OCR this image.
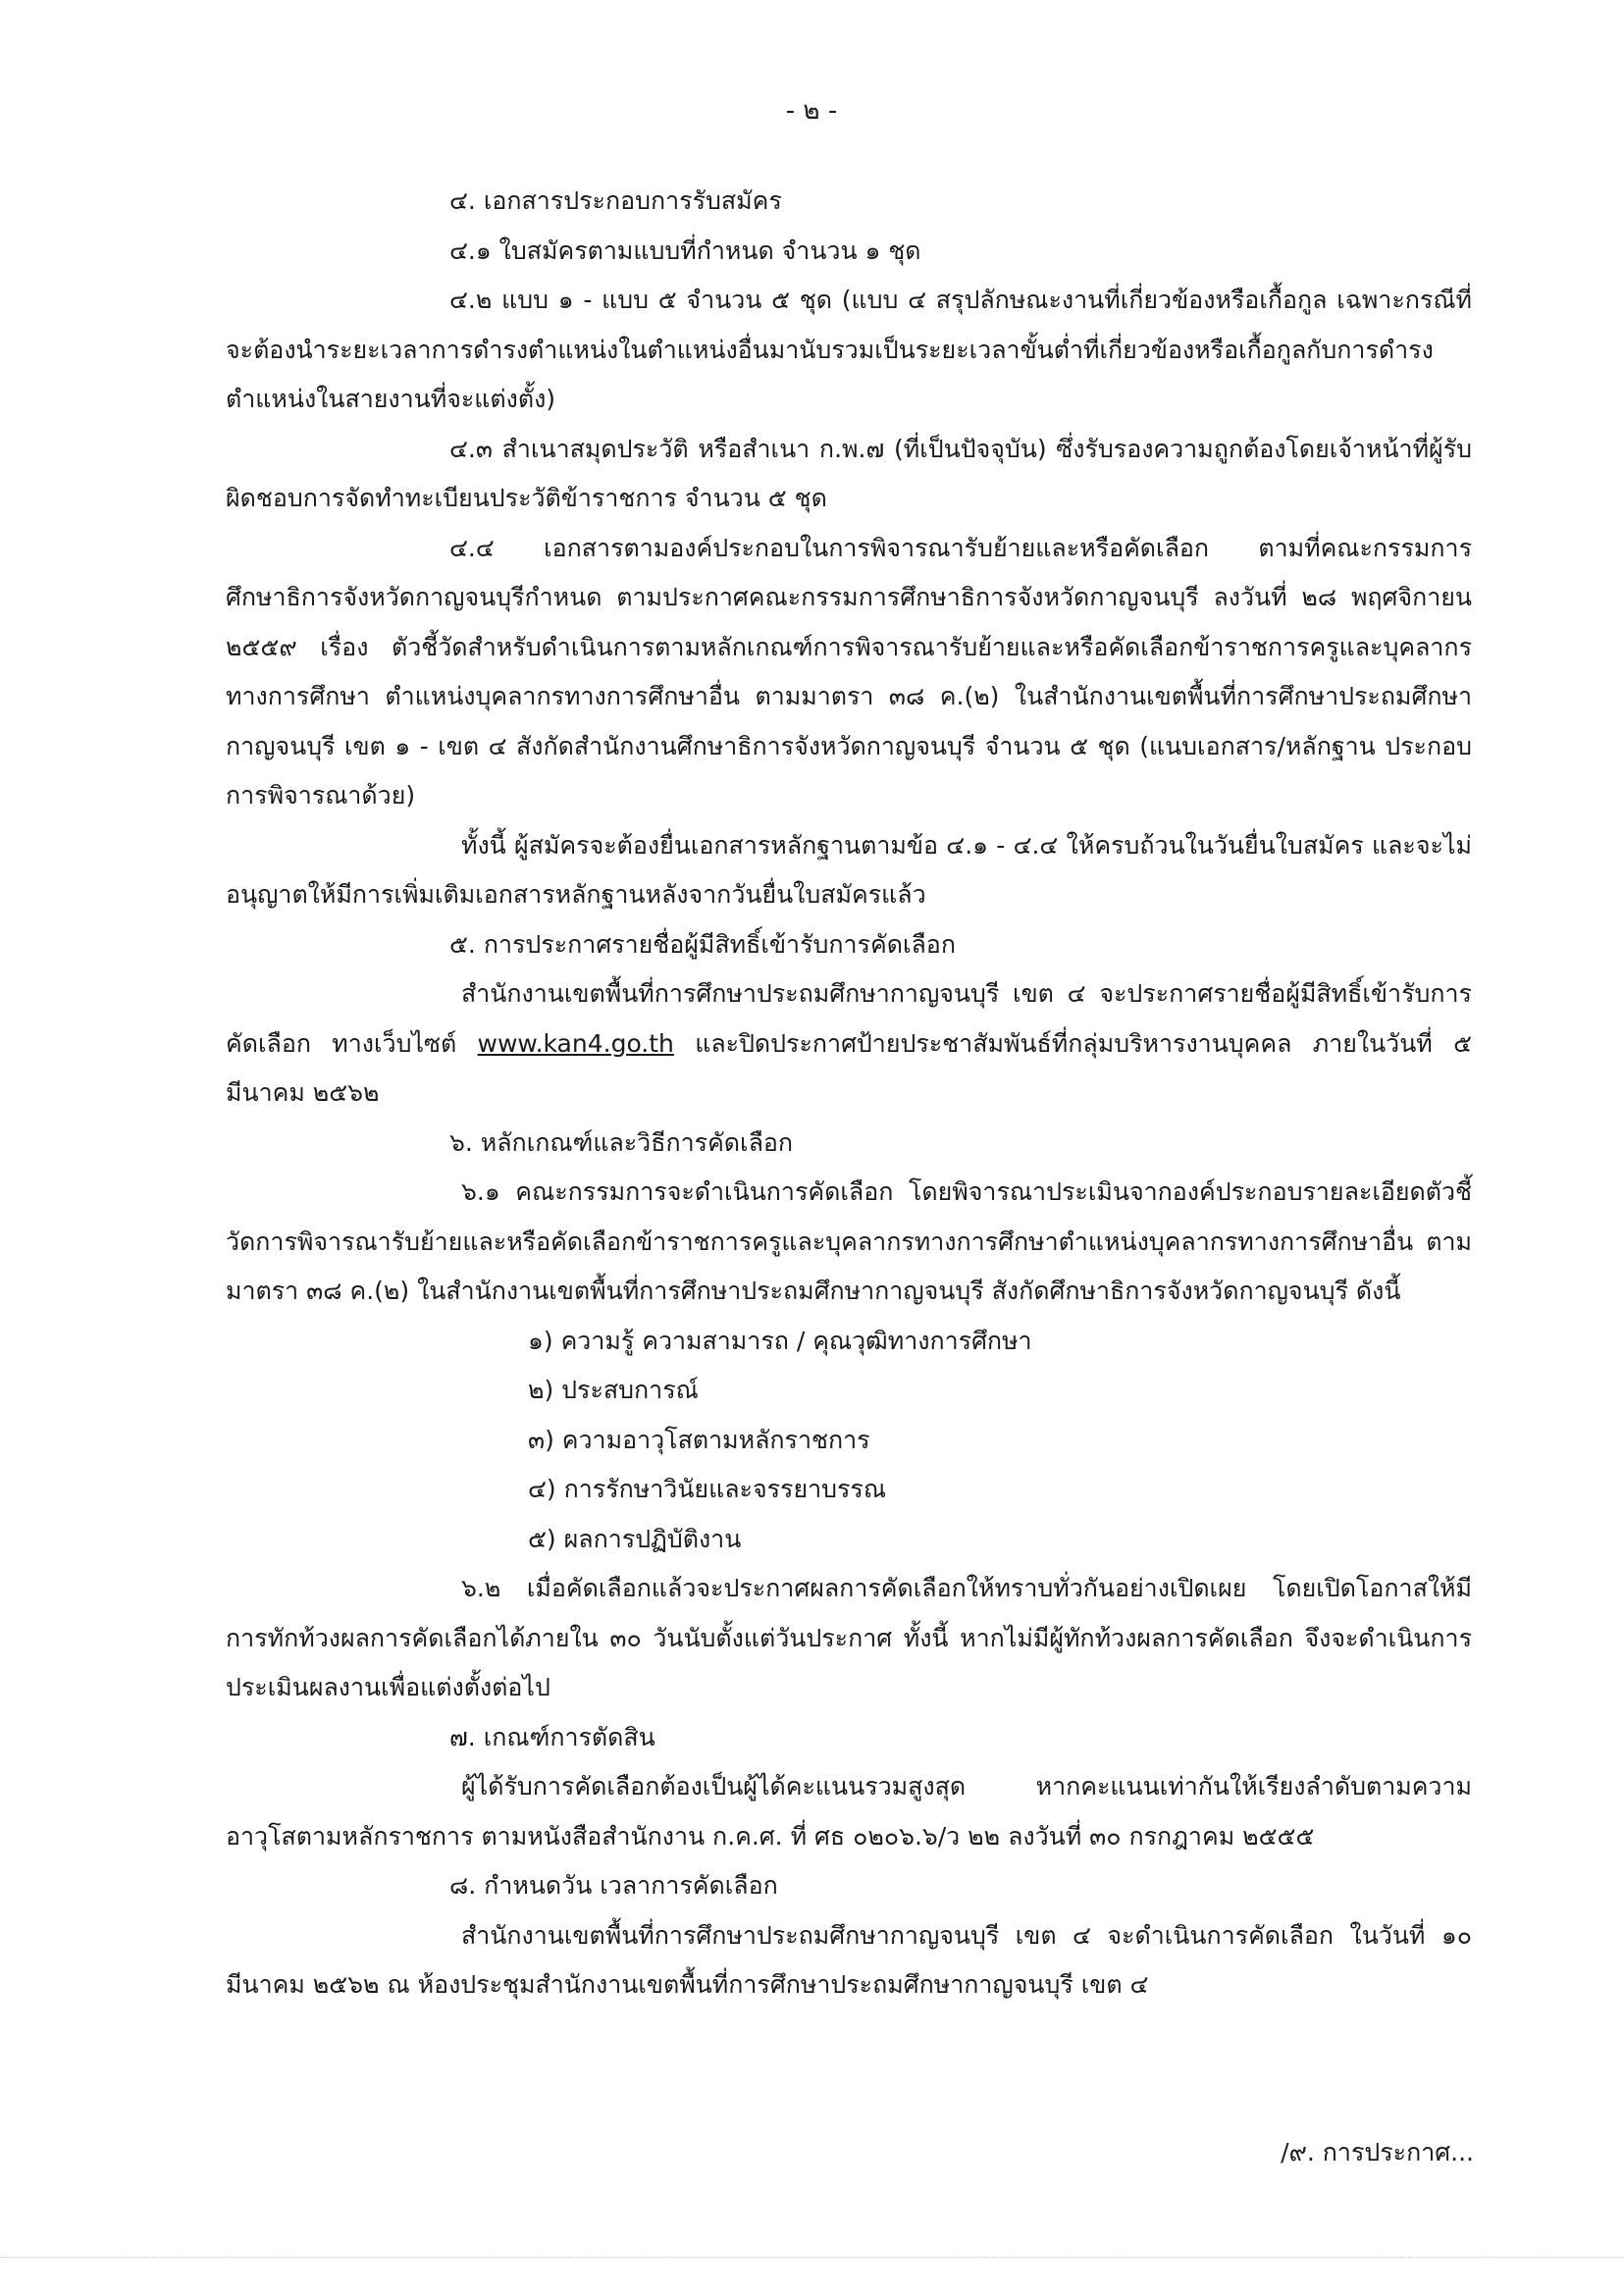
- ๒ -

๔. เอกสารประกอบการรับสมัคร

๔.๑ ใบสมัครตามแบบที่กำหนด จำนวน ๑ ชุด

๔.๒ แบบ ๑ - แบบ ๕ จำนวน ๕ ชุด (แบบ ๔ สรุปลักษณะงานที่เกี่ยวข้องหรือเกื้อกูล เฉพาะกรณีที่จะต้องนำระยะเวลาการดำรงตำแหน่งในตำแหน่งอื่นมานับรวมเป็นระยะเวลาขั้นต่ำที่เกี่ยวข้องหรือเกื้อกูลกับการดำรงตำแหน่งในสายงานที่จะแต่งตั้ง)

๔.๓ สำเนาสมุดประวัติ หรือสำเนา ก.พ.๗ (ที่เป็นปัจจุบัน) ซึ่งรับรองความถูกต้องโดยเจ้าหน้าที่ผู้รับผิดชอบการจัดทำทะเบียนประวัติข้าราชการ จำนวน ๕ ชุด

๔.๔ เอกสารตามองค์ประกอบในการพิจารณารับย้ายและหรือคัดเลือก ตามที่คณะกรรมการศึกษาธิการจังหวัดกาญจนบุรีกำหนด ตามประกาศคณะกรรมการศึกษาธิการจังหวัดกาญจนบุรี ลงวันที่ ๒๘ พฤศจิกายน ๒๕๕๙ เรื่อง ตัวชี้วัดสำหรับดำเนินการตามหลักเกณฑ์การพิจารณารับย้ายและหรือคัดเลือกข้าราชการครูและบุคลากรทางการศึกษา ตำแหน่งบุคลากรทางการศึกษาอื่น ตามมาตรา ๓๘ ค.(๒) ในสำนักงานเขตพื้นที่การศึกษาประถมศึกษากาญจนบุรี เขต ๑ - เขต ๔ สังกัดสำนักงานศึกษาธิการจังหวัดกาญจนบุรี จำนวน ๕ ชุด (แนบเอกสาร/หลักฐาน ประกอบการพิจารณาด้วย)

ทั้งนี้ ผู้สมัครจะต้องยื่นเอกสารหลักฐานตามข้อ ๔.๑ - ๔.๔ ให้ครบถ้วนในวันยื่นใบสมัคร และจะไม่อนุญาตให้มีการเพิ่มเติมเอกสารหลักฐานหลังจากวันยื่นใบสมัครแล้ว

๕. การประกาศรายชื่อผู้มีสิทธิ์เข้ารับการคัดเลือก

สำนักงานเขตพื้นที่การศึกษาประถมศึกษากาญจนบุรี เขต ๔ จะประกาศรายชื่อผู้มีสิทธิ์เข้ารับการคัดเลือก ทางเว็บไซต์ www.kan4.go.th และปิดประกาศป้ายประชาสัมพันธ์ที่กลุ่มบริหารงานบุคคล ภายในวันที่ ๕ มีนาคม ๒๕๖๒

๖. หลักเกณฑ์และวิธีการคัดเลือก

๖.๑ คณะกรรมการจะดำเนินการคัดเลือก โดยพิจารณาประเมินจากองค์ประกอบรายละเอียดตัวชี้วัดการพิจารณารับย้ายและหรือคัดเลือกข้าราชการครูและบุคลากรทางการศึกษาตำแหน่งบุคลากรทางการศึกษาอื่น ตามมาตรา ๓๘ ค.(๒) ในสำนักงานเขตพื้นที่การศึกษาประถมศึกษากาญจนบุรี สังกัดศึกษาธิการจังหวัดกาญจนบุรี ดังนี้

๑) ความรู้ ความสามารถ / คุณวุฒิทางการศึกษา

๒) ประสบการณ์

๓) ความอาวุโสตามหลักราชการ

๔) การรักษาวินัยและจรรยาบรรณ

๕) ผลการปฏิบัติงาน

๖.๒ เมื่อคัดเลือกแล้วจะประกาศผลการคัดเลือกให้ทราบทั่วกันอย่างเปิดเผย โดยเปิดโอกาสให้มีการทักท้วงผลการคัดเลือกได้ภายใน ๓๐ วันนับตั้งแต่วันประกาศ ทั้งนี้ หากไม่มีผู้ทักท้วงผลการคัดเลือก จึงจะดำเนินการประเมินผลงานเพื่อแต่งตั้งต่อไป

๗. เกณฑ์การตัดสิน

ผู้ได้รับการคัดเลือกต้องเป็นผู้ได้คะแนนรวมสูงสุด หากคะแนนเท่ากันให้เรียงลำดับตามความอาวุโสตามหลักราชการ ตามหนังสือสำนักงาน ก.ค.ศ. ที่ ศธ ๐๒๐๖.๖/ว ๒๒ ลงวันที่ ๓๐ กรกฎาคม ๒๕๕๕

๘. กำหนดวัน เวลาการคัดเลือก

สำนักงานเขตพื้นที่การศึกษาประถมศึกษากาญจนบุรี เขต ๔ จะดำเนินการคัดเลือก ในวันที่ ๑๐ มีนาคม ๒๕๖๒ ณ ห้องประชุมสำนักงานเขตพื้นที่การศึกษาประถมศึกษากาญจนบุรี เขต ๔

/๙. การประกาศ...
